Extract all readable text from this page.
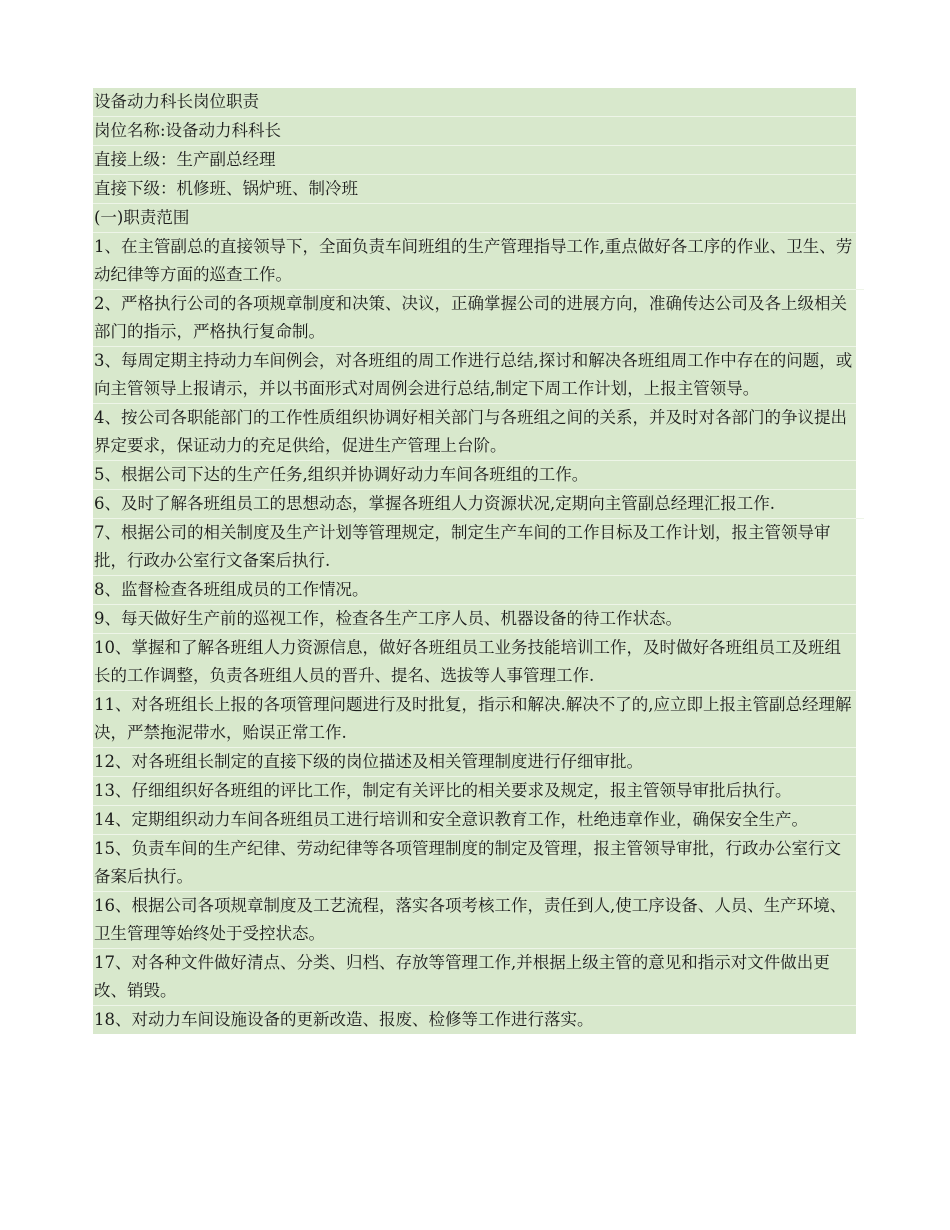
设备动力科长岗位职责
岗位名称:设备动力科科长
直接上级：生产副总经理
直接下级：机修班、锅炉班、制冷班
(一)职责范围
1、在主管副总的直接领导下，全面负责车间班组的生产管理指导工作,重点做好各工序的作业、卫生、劳动纪律等方面的巡查工作。
2、严格执行公司的各项规章制度和决策、决议，正确掌握公司的进展方向，准确传达公司及各上级相关部门的指示，严格执行复命制。
3、每周定期主持动力车间例会，对各班组的周工作进行总结,探讨和解决各班组周工作中存在的问题，或向主管领导上报请示，并以书面形式对周例会进行总结,制定下周工作计划，上报主管领导。
4、按公司各职能部门的工作性质组织协调好相关部门与各班组之间的关系，并及时对各部门的争议提出界定要求，保证动力的充足供给，促进生产管理上台阶。
5、根据公司下达的生产任务,组织并协调好动力车间各班组的工作。
6、及时了解各班组员工的思想动态，掌握各班组人力资源状况,定期向主管副总经理汇报工作.
7、根据公司的相关制度及生产计划等管理规定，制定生产车间的工作目标及工作计划，报主管领导审批，行政办公室行文备案后执行.
8、监督检查各班组成员的工作情况。
9、每天做好生产前的巡视工作，检查各生产工序人员、机器设备的待工作状态。
10、掌握和了解各班组人力资源信息，做好各班组员工业务技能培训工作，及时做好各班组员工及班组长的工作调整，负责各班组人员的晋升、提名、选拔等人事管理工作.
11、对各班组长上报的各项管理问题进行及时批复，指示和解决.解决不了的,应立即上报主管副总经理解决，严禁拖泥带水，贻误正常工作.
12、对各班组长制定的直接下级的岗位描述及相关管理制度进行仔细审批。
13、仔细组织好各班组的评比工作，制定有关评比的相关要求及规定，报主管领导审批后执行。
14、定期组织动力车间各班组员工进行培训和安全意识教育工作，杜绝违章作业，确保安全生产。
15、负责车间的生产纪律、劳动纪律等各项管理制度的制定及管理，报主管领导审批，行政办公室行文备案后执行。
16、根据公司各项规章制度及工艺流程，落实各项考核工作，责任到人,使工序设备、人员、生产环境、卫生管理等始终处于受控状态。
17、对各种文件做好清点、分类、归档、存放等管理工作,并根据上级主管的意见和指示对文件做出更改、销毁。
18、对动力车间设施设备的更新改造、报废、检修等工作进行落实。
